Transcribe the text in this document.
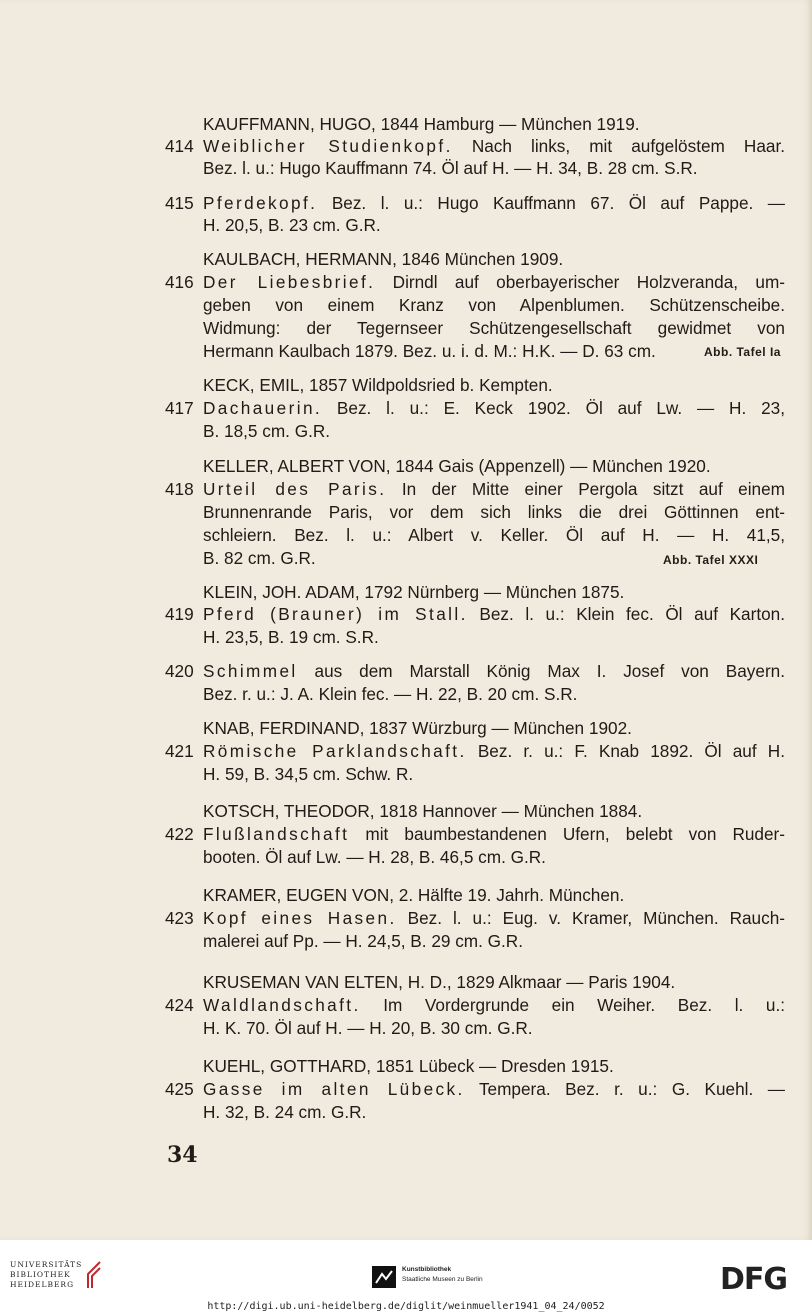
KAUFFMANN, HUGO, 1844 Hamburg — München 1919.
414 Weiblicher Studienkopf. Nach links, mit aufgelöstem Haar.
Bez. l. u.: Hugo Kauffmann 74. Öl auf H. — H. 34, B. 28 cm. S.R.
415 Pferdekopf. Bez. l. u.: Hugo Kauffmann 67. Öl auf Pappe. —
H. 20,5, B. 23 cm. G.R.
KAULBACH, HERMANN, 1846 München 1909.
416 Der Liebesbrief. Dirndl auf oberbayerischer Holzveranda, um-
geben von einem Kranz von Alpenblumen. Schützenscheibe.
Widmung: der Tegernseer Schützengesellschaft gewidmet von
Hermann Kaulbach 1879. Bez. u. i. d. M.: H.K. — D. 63 cm.	Abb. Tafel Ia
KECK, EMIL, 1857 Wildpoldsried b. Kempten.
417 Dachauerin. Bez. l. u.: E. Keck 1902. Öl auf Lw. — H. 23,
B. 18,5 cm. G.R.
KELLER, ALBERT VON, 1844 Gais (Appenzell) — München 1920.
418 Urteil des Paris. In der Mitte einer Pergola sitzt auf einem
Brunnenrande Paris, vor dem sich links die drei Göttinnen ent-
schleiern. Bez. l. u.: Albert v. Keller. Öl auf H. — H. 41,5,
B. 82 cm. G.R.	Abb. Tafel XXXI
KLEIN, JOH. ADAM, 1792 Nürnberg — München 1875.
419 Pferd (Brauner) im Stall. Bez. l. u.: Klein fec. Öl auf Karton.
H. 23,5, B. 19 cm. S.R.
420 Schimmel aus dem Marstall König Max I. Josef von Bayern.
Bez. r. u.: J. A. Klein fec. — H. 22, B. 20 cm. S.R.
KNAB, FERDINAND, 1837 Würzburg — München 1902.
421 Römische Parklandschaft. Bez. r. u.: F. Knab 1892. Öl auf H.
H. 59, B. 34,5 cm. Schw. R.
KOTSCH, THEODOR, 1818 Hannover — München 1884.
422 Flußlandschaft mit baumbestandenen Ufern, belebt von Ruder-
booten. Öl auf Lw. — H. 28, B. 46,5 cm. G.R.
KRAMER, EUGEN VON, 2. Hälfte 19. Jahrh. München.
423 Kopf eines Hasen. Bez. l. u.: Eug. v. Kramer, München. Rauch-
malerei auf Pp. — H. 24,5, B. 29 cm. G.R.
KRUSEMAN VAN ELTEN, H. D., 1829 Alkmaar — Paris 1904.
424 Waldlandschaft. Im Vordergrunde ein Weiher. Bez. l. u.:
H. K. 70. Öl auf H. — H. 20, B. 30 cm. G.R.
KUEHL, GOTTHARD, 1851 Lübeck — Dresden 1915.
425 Gasse im alten Lübeck. Tempera. Bez. r. u.: G. Kuehl. —
H. 32, B. 24 cm. G.R.
34
UNIVERSITÄTS
BIBLIOTHEK
HEIDELBERG
Kunstbibliothek
Staatliche Museen zu Berlin	DFG
http://digi.ub.uni-heidelberg.de/diglit/weinmueller1941_04_24/0052
